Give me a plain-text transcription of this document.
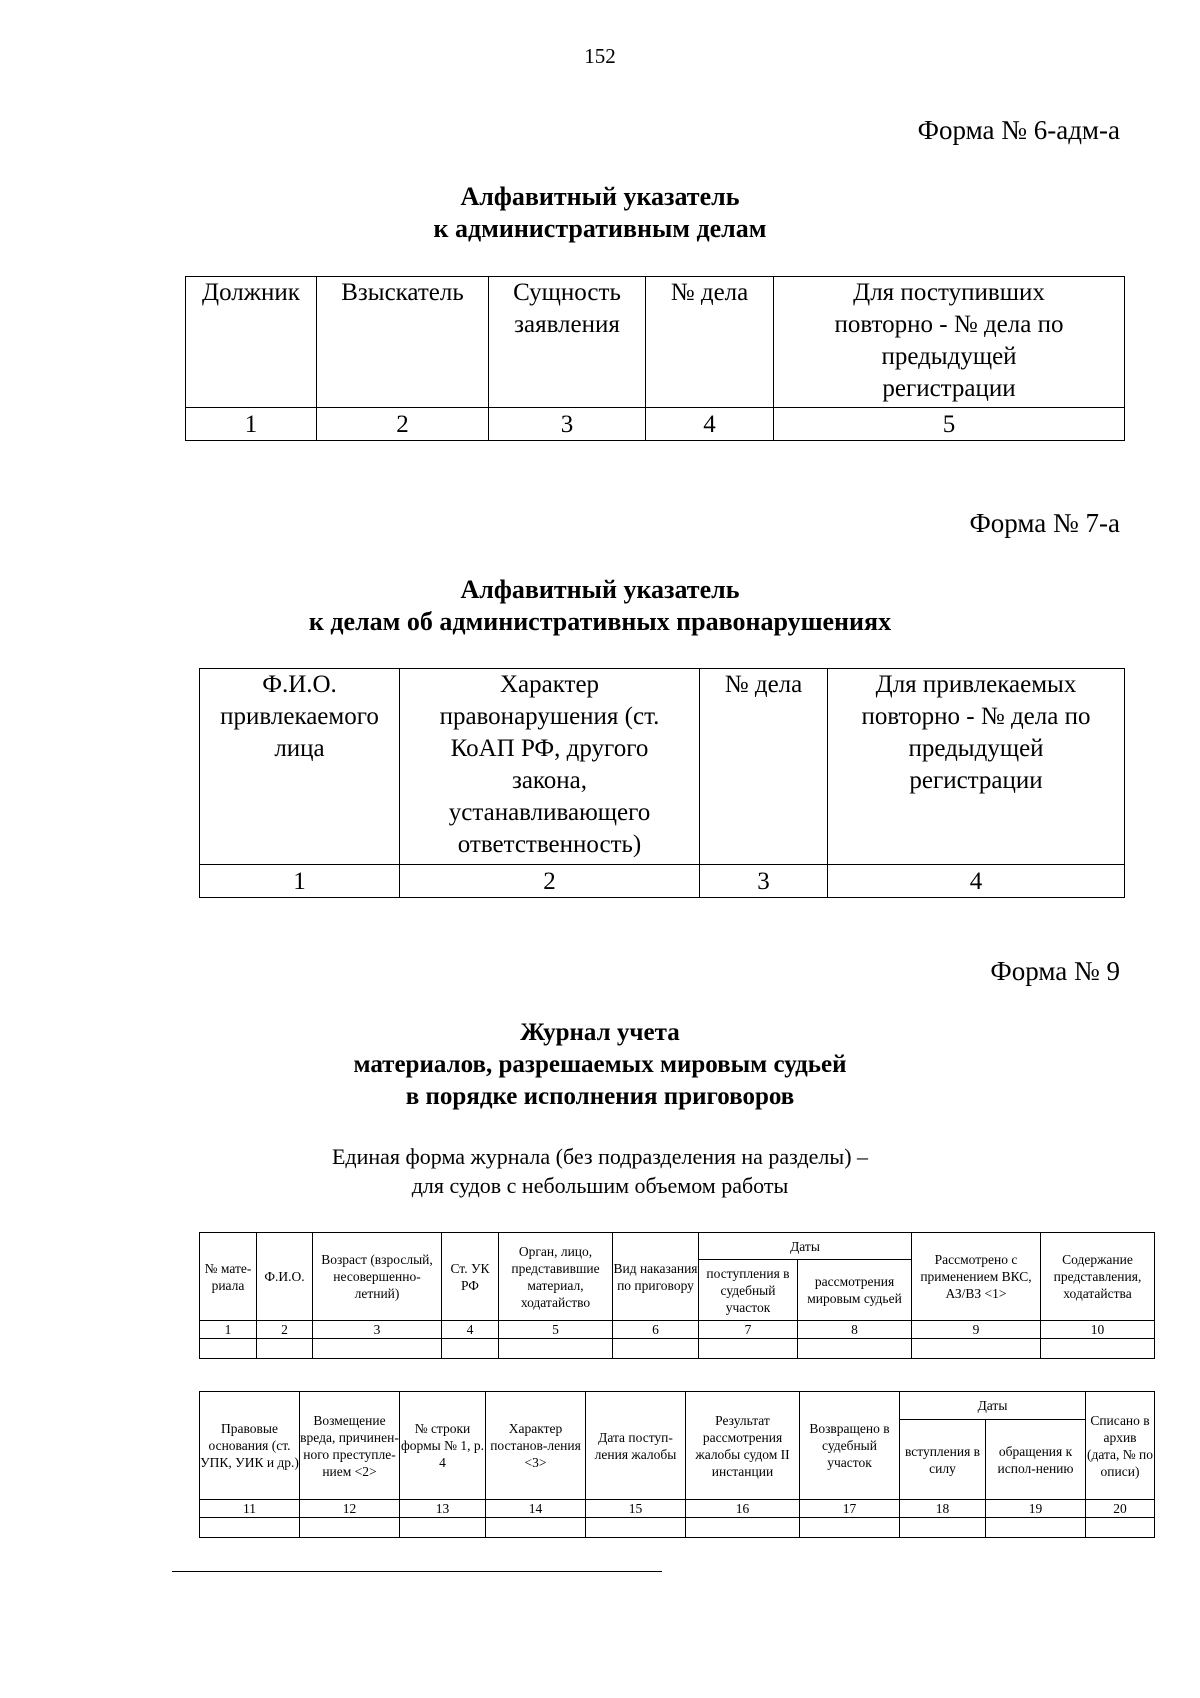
152
Форма № 6-адм-а
Алфавитный указатель
к административным делам
Должник	Взыскатель	Сущность заявления	№ дела	Для поступивших повторно - № дела по предыдущей регистрации
1	2	3	4	5
Форма № 7-а
Алфавитный указатель
к делам об административных правонарушениях
Ф.И.О. привлекаемого лица	Характер правонарушения (ст. КоАП РФ, другого закона, устанавливающего ответственность)	№ дела	Для привлекаемых повторно - № дела по предыдущей регистрации
1	2	3	4
Форма № 9
Журнал учета
материалов, разрешаемых мировым судьей
в порядке исполнения приговоров
Единая форма журнала (без подразделения на разделы) –
для судов с небольшим объемом работы
№ мате-риала	Ф.И.О.	Возраст (взрослый, несовершенно-летний)	Ст. УК РФ	Орган, лицо, представившие материал, ходатайство	Вид наказания по приговору	Даты		Рассмотрено с применением ВКС, АЗ/ВЗ <1>	Содержание представления, ходатайства
						поступления в судебный участок	рассмотрения мировым судьей		
1	2	3	4	5	6	7	8	9	10

Правовые основания (ст. УПК, УИК и др.)	Возмещение вреда, причинен-ного преступле-нием <2>	№ строки формы № 1, р. 4	Характер постанов-ления <3>	Дата поступ-ления жалобы	Результат рассмотрения жалобы судом II инстанции	Возвращено в судебный участок	Даты		Списано в архив (дата, № по описи)
							вступления в силу	обращения к испол-нению	
11	12	13	14	15	16	17	18	19	20
